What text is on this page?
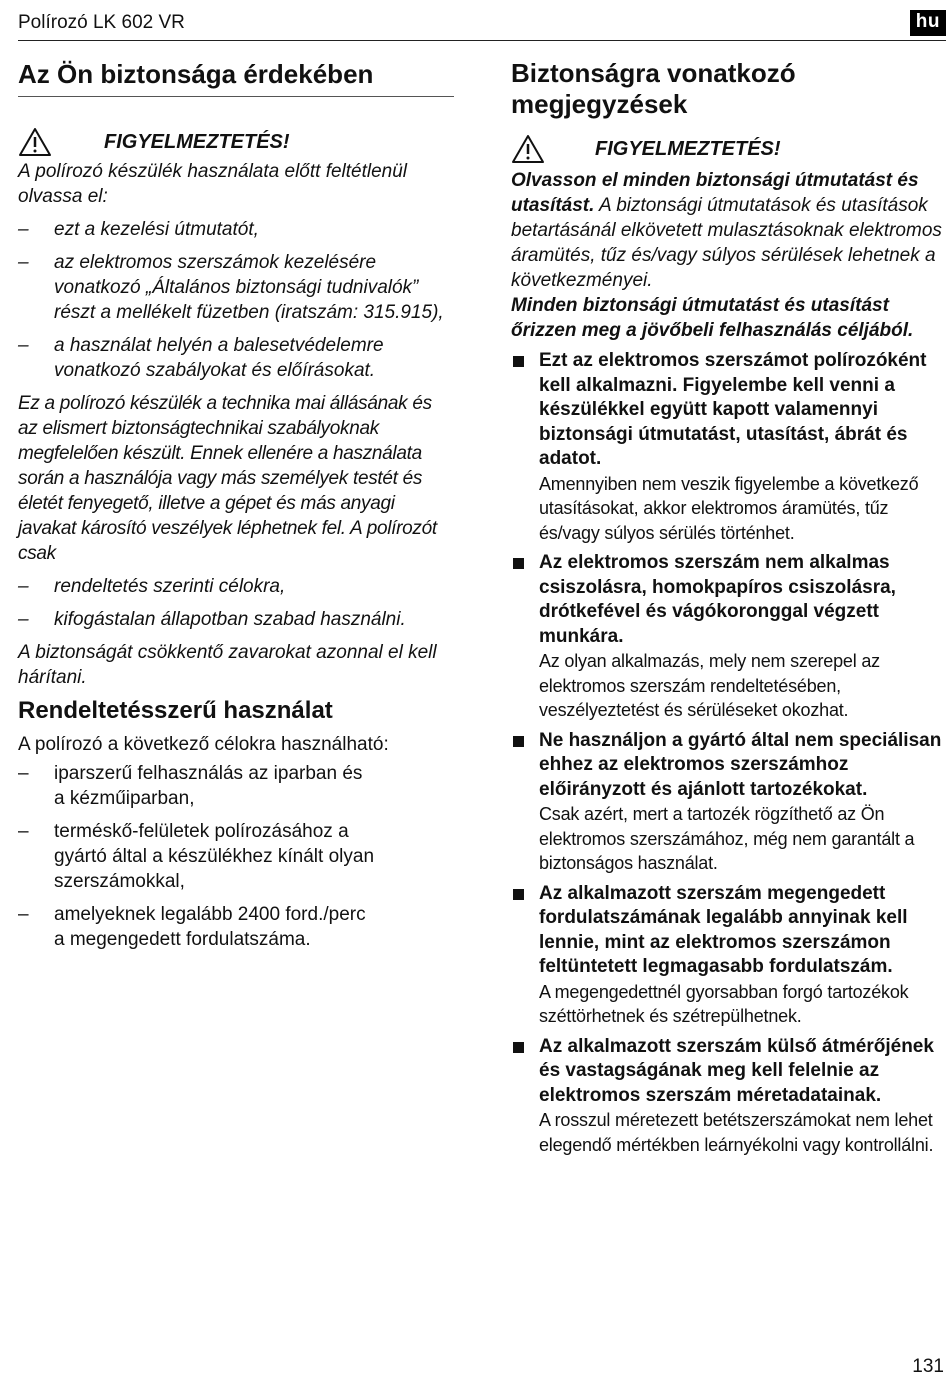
Polírozó LK 602 VR	hu
Az Ön biztonsága érdekében
FIGYELMEZTETÉS!

A polírozó készülék használata előtt feltétlenül olvassa el:

– ezt a kezelési útmutatót,
– az elektromos szerszámok kezelésére vonatkozó „Általános biztonsági tudnivalók” részt a mellékelt füzetben (iratszám: 315.915),
– a használat helyén a balesetvédelemre vonatkozó szabályokat és előírásokat.

Ez a polírozó készülék a technika mai állásának és az elismert biztonságtechnikai szabályoknak megfelelően készült. Ennek ellenére a használata során a használója vagy más személyek testét és életét fenyegető, illetve a gépet és más anyagi javakat károsító veszélyek léphetnek fel. A polírozót csak

– rendeltetés szerinti célokra,
– kifogástalan állapotban szabad használni.

A biztonságát csökkentő zavarokat azonnal el kell hárítani.

Rendeltetésszerű használat

A polírozó a következő célokra használható:

– iparszerű felhasználás az iparban és a kézműiparban,
– terméskő-felületek polírozásához a gyártó által a készülékhez kínált olyan szerszámokkal,
– amelyeknek legalább 2400 ford./perc a megengedett fordulatszáma.
Biztonságra vonatkozó megjegyzések
FIGYELMEZTETÉS!

Olvasson el minden biztonsági útmutatást és utasítást. A biztonsági útmutatások és utasítások betartásánál elkövetett mulasztásoknak elektromos áramütés, tűz és/vagy súlyos sérülések lehetnek a következményei.

Minden biztonsági útmutatást és utasítást őrizzen meg a jövőbeli felhasználás céljából.

Ezt az elektromos szerszámot polírozóként kell alkalmazni. Figyelembe kell venni a készülékkel együtt kapott valamennyi biztonsági útmutatást, utasítást, ábrát és adatot.
Amennyiben nem veszik figyelembe a következő utasításokat, akkor elektromos áramütés, tűz és/vagy súlyos sérülés történhet.
Az elektromos szerszám nem alkalmas csiszolásra, homokpapíros csiszolásra, drótkefével és vágókoronggal végzett munkára.
Az olyan alkalmazás, mely nem szerepel az elektromos szerszám rendeltetésében, veszélyeztetést és sérüléseket okozhat.
Ne használjon a gyártó által nem speciálisan ehhez az elektromos szerszámhoz előirányzott és ajánlott tartozékokat.
Csak azért, mert a tartozék rögzíthető az Ön elektromos szerszámához, még nem garantált a biztonságos használat.
Az alkalmazott szerszám megengedett fordulatszámának legalább annyinak kell lennie, mint az elektromos szerszámon feltüntetett legmagasabb fordulatszám.
A megengedettnél gyorsabban forgó tartozékok széttörhetnek és szétrepülhetnek.
Az alkalmazott szerszám külső átmérőjének és vastagságának meg kell felelnie az elektromos szerszám méretadatainak.
A rosszul méretezett betétszerszámokat nem lehet elegendő mértékben leárnyékolni vagy kontrollálni.
131
